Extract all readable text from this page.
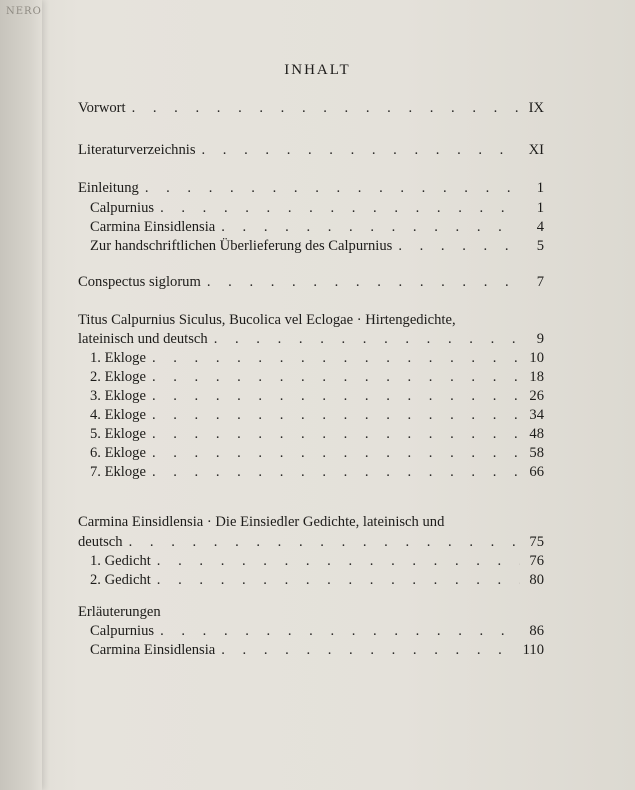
NERO
INHALT
Vorwort . . .	IX
Literaturverzeichnis . . .	XI
Einleitung . . .	1
Calpurnius . . .	1
Carmina Einsidlensia . . .	4
Zur handschriftlichen Überlieferung des Calpurnius . . .	5
Conspectus siglorum . . .	7
Titus Calpurnius Siculus, Bucolica vel Eclogae · Hirtengedichte,
lateinisch und deutsch . . .	9
1. Ekloge . . .	10
2. Ekloge . . .	18
3. Ekloge . . .	26
4. Ekloge . . .	34
5. Ekloge . . .	48
6. Ekloge . . .	58
7. Ekloge . . .	66
Carmina Einsidlensia · Die Einsiedler Gedichte, lateinisch und
deutsch . . .	75
1. Gedicht . . .	76
2. Gedicht . . .	80
Erläuterungen
Calpurnius . . .	86
Carmina Einsidlensia . . .	110
